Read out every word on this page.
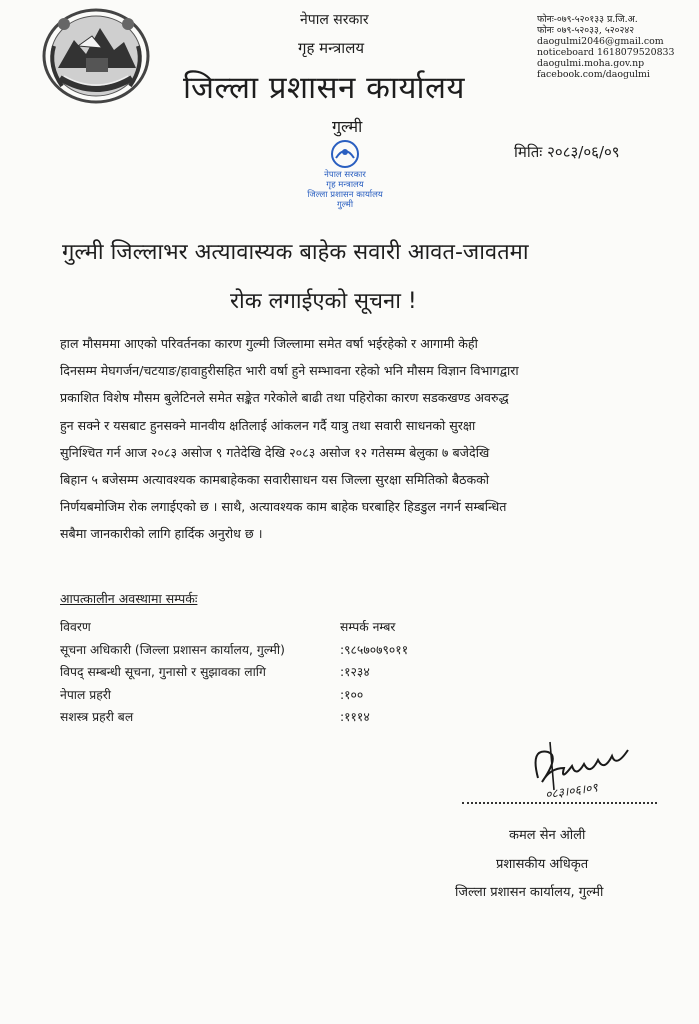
नेपाल सरकार
गृह मन्त्रालय
जिल्ला प्रशासन कार्यालय
गुल्मी
फोनः-०७९-५२०१३३ प्र.जि.अ.
फोनः ०७९-५२०३३, ५२०२४२
daogulmi2046@gmail.com
noticeboard 1618079520833
daogulmi.moha.gov.np
facebook.com/daogulmi
नेपाल सरकार
गृह मन्त्रालय
जिल्ला प्रशासन कार्यालय
गुल्मी
मितिः २०८३/०६/०९
गुल्मी जिल्लाभर अत्यावास्यक बाहेक सवारी आवत-जावतमा
रोक लगाईएको सूचना !
हाल मौसममा आएको परिवर्तनका कारण गुल्मी जिल्लामा समेत वर्षा भईरहेको र आगामी केही
दिनसम्म मेघगर्जन/चटयाङ/हावाहुरीसहित भारी वर्षा हुने सम्भावना रहेको भनि मौसम विज्ञान विभागद्वारा
प्रकाशित विशेष मौसम बुलेटिनले समेत सङ्केत गरेकोले बाढी तथा पहिरोका कारण सडकखण्ड अवरुद्ध
हुन सक्ने र यसबाट हुनसक्ने मानवीय क्षतिलाई आंकलन गर्दै यात्रु तथा सवारी साधनको सुरक्षा
सुनिश्चित गर्न आज २०८३ असोज ९ गतेदेखि देखि २०८३ असोज १२ गतेसम्म बेलुका ७ बजेदेखि
बिहान ५ बजेसम्म अत्यावश्यक कामबाहेकका सवारीसाधन यस जिल्ला सुरक्षा समितिको बैठकको
निर्णयबमोजिम रोक लगाईएको छ । साथै, अत्यावश्यक काम बाहेक घरबाहिर हिडडुल नगर्न सम्बन्धित
सबैमा जानकारीको लागि हार्दिक अनुरोध छ ।
आपत्कालीन अवस्थामा सम्पर्कः
विवरण	सम्पर्क नम्बर
सूचना अधिकारी (जिल्ला प्रशासन कार्यालय, गुल्मी)	:९८५७०७९०११
विपद् सम्बन्धी सूचना, गुनासो र सुझावका लागि	:१२३४
नेपाल प्रहरी	:१००
सशस्त्र प्रहरी बल	:१११४
०८३।०६।०९
कमल सेन ओली
प्रशासकीय अधिकृत
जिल्ला प्रशासन कार्यालय, गुल्मी
